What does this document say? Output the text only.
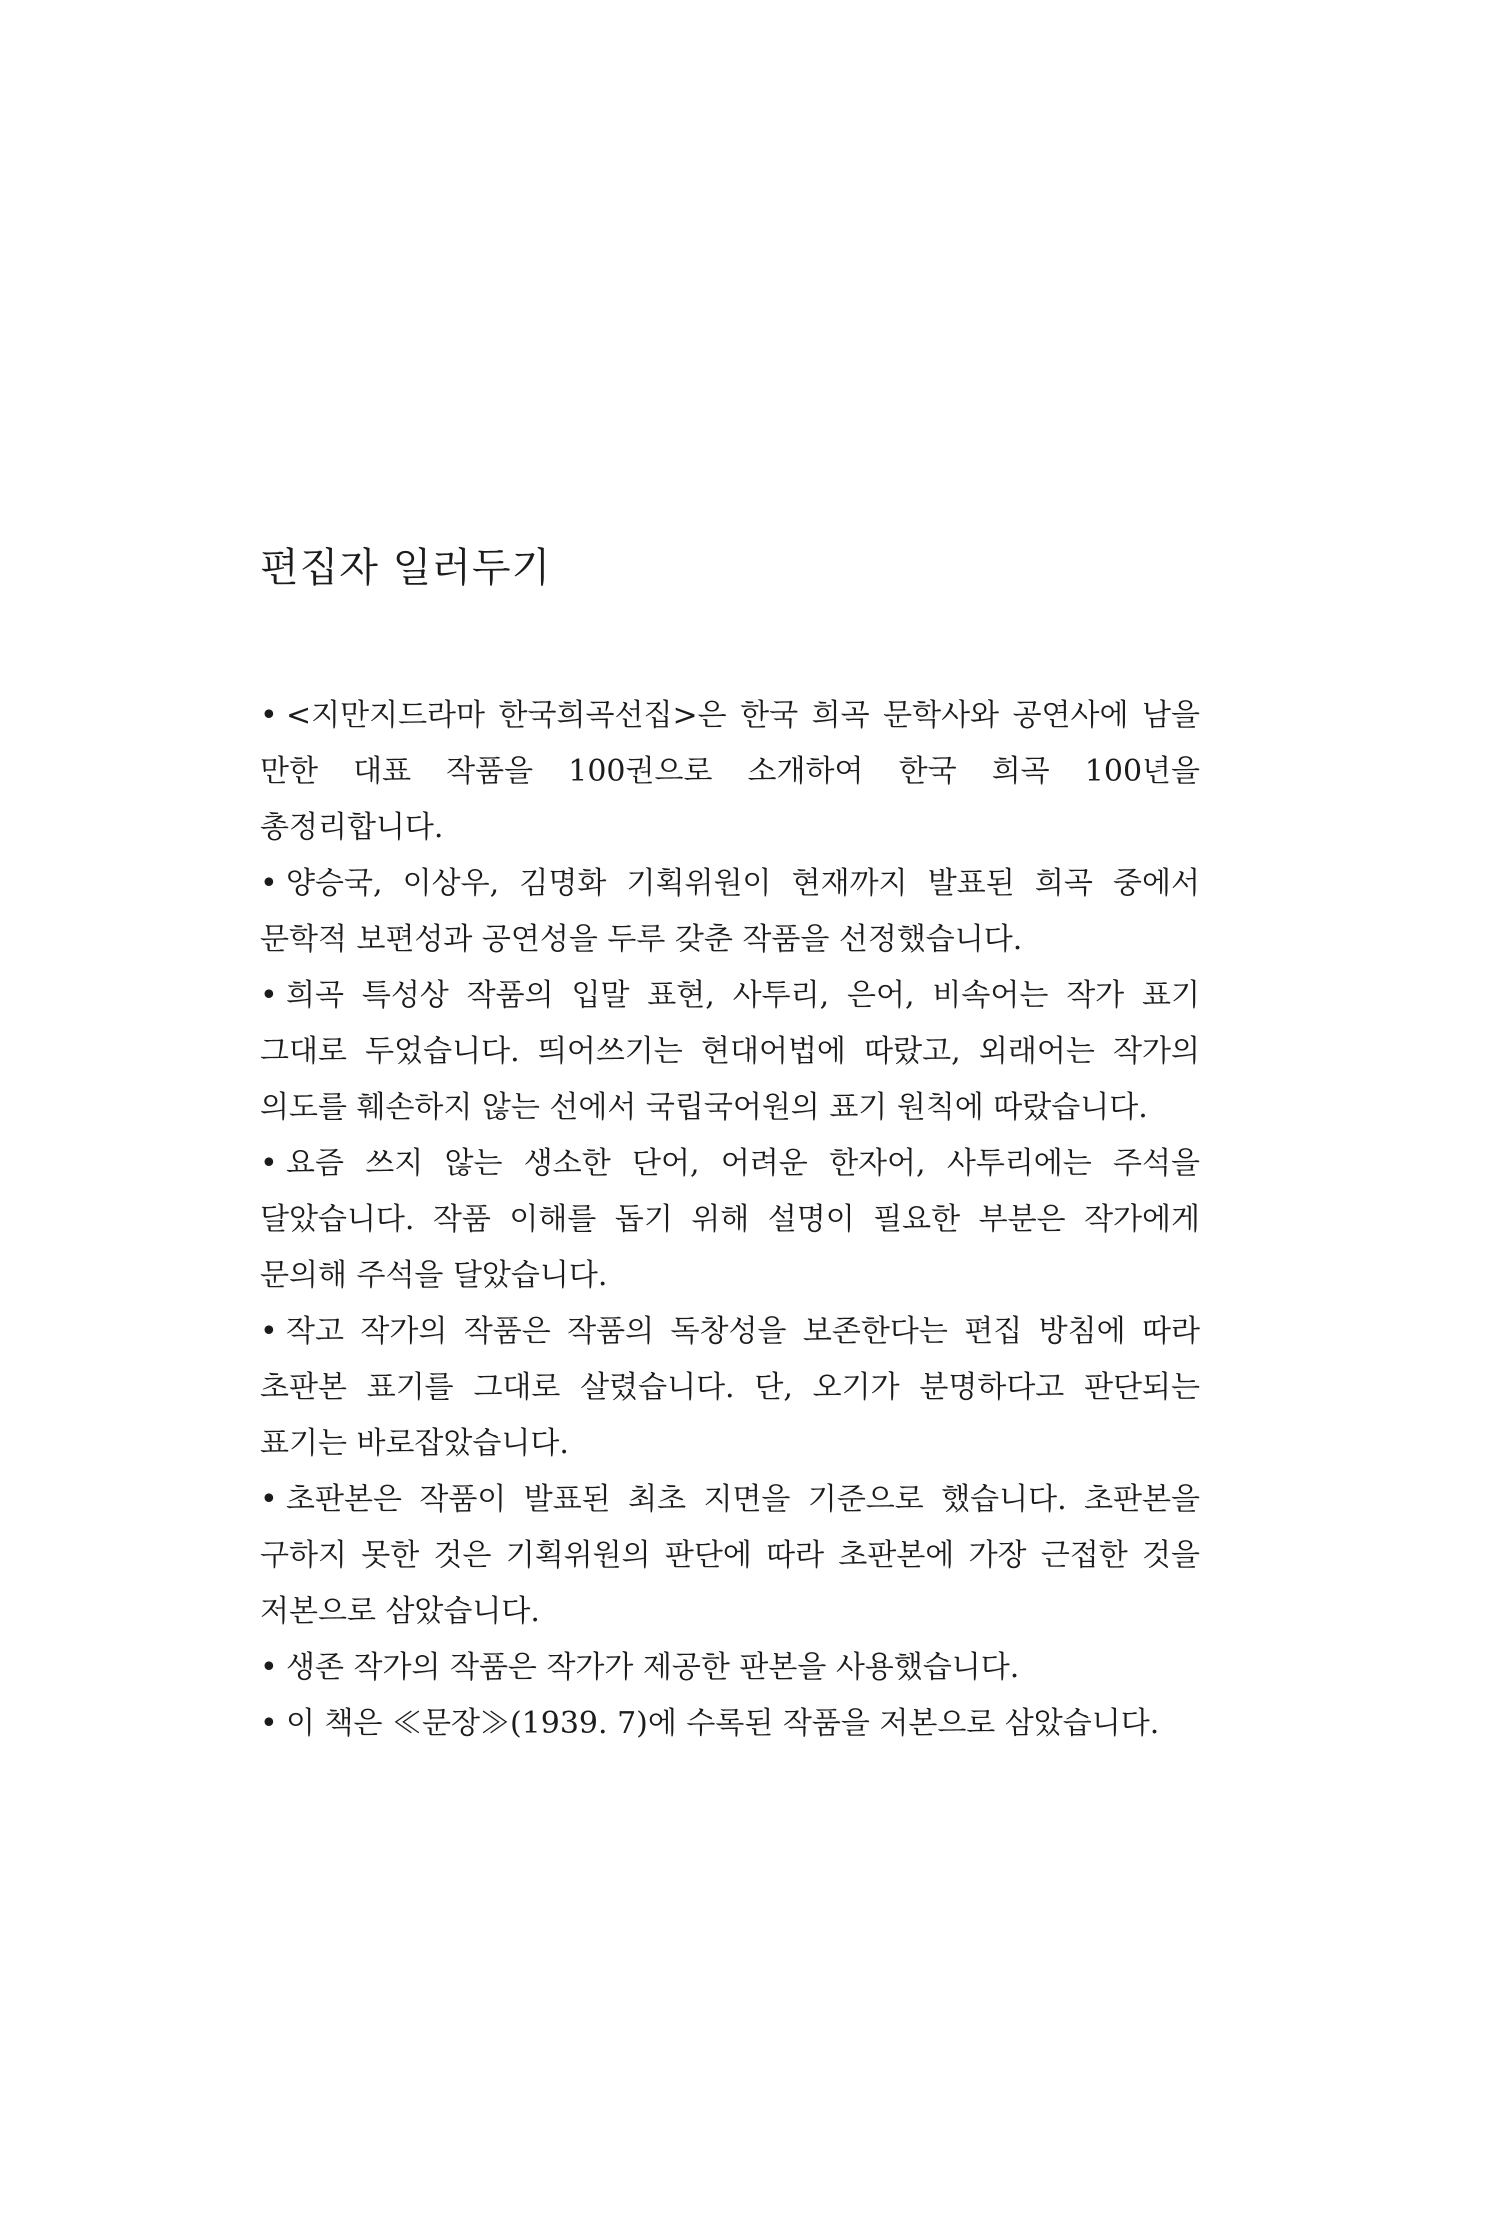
편집자 일러두기
• <지만지드라마 한국희곡선집>은 한국 희곡 문학사와 공연사에 남을 만한 대표 작품을 100권으로 소개하여 한국 희곡 100년을 총정리합니다.
• 양승국, 이상우, 김명화 기획위원이 현재까지 발표된 희곡 중에서 문학적 보편성과 공연성을 두루 갖춘 작품을 선정했습니다.
• 희곡 특성상 작품의 입말 표현, 사투리, 은어, 비속어는 작가 표기 그대로 두었습니다. 띄어쓰기는 현대어법에 따랐고, 외래어는 작가의 의도를 훼손하지 않는 선에서 국립국어원의 표기 원칙에 따랐습니다.
• 요즘 쓰지 않는 생소한 단어, 어려운 한자어, 사투리에는 주석을 달았습니다. 작품 이해를 돕기 위해 설명이 필요한 부분은 작가에게 문의해 주석을 달았습니다.
• 작고 작가의 작품은 작품의 독창성을 보존한다는 편집 방침에 따라 초판본 표기를 그대로 살렸습니다. 단, 오기가 분명하다고 판단되는 표기는 바로잡았습니다.
• 초판본은 작품이 발표된 최초 지면을 기준으로 했습니다. 초판본을 구하지 못한 것은 기획위원의 판단에 따라 초판본에 가장 근접한 것을 저본으로 삼았습니다.
• 생존 작가의 작품은 작가가 제공한 판본을 사용했습니다.
• 이 책은 ≪문장≫(1939. 7)에 수록된 작품을 저본으로 삼았습니다.
